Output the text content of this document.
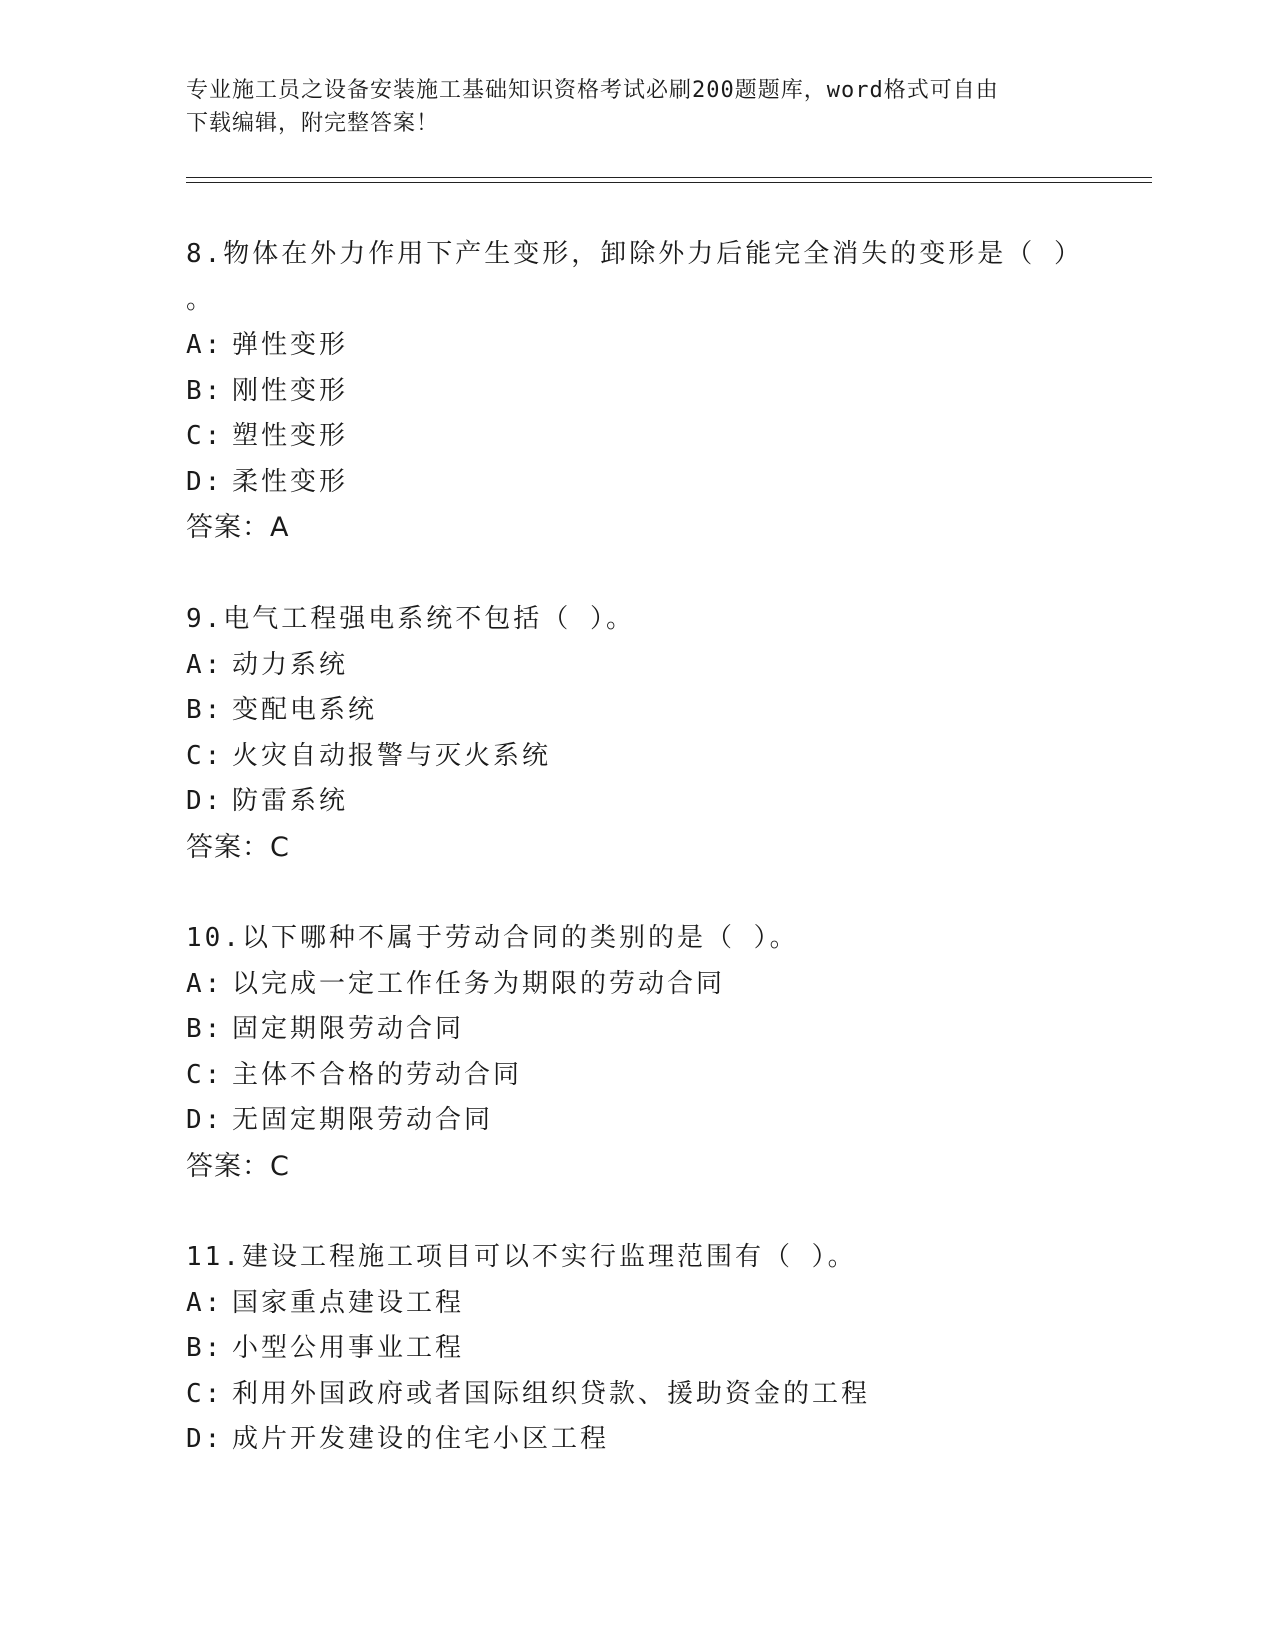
专业施工员之设备安装施工基础知识资格考试必刷200题题库，word格式可自由
下载编辑，附完整答案！
8.物体在外力作用下产生变形，卸除外力后能完全消失的变形是（ ）
。
A: 弹性变形
B: 刚性变形
C: 塑性变形
D: 柔性变形
答案：A
9.电气工程强电系统不包括（ ）。
A: 动力系统
B: 变配电系统
C: 火灾自动报警与灭火系统
D: 防雷系统
答案：C
10.以下哪种不属于劳动合同的类别的是（ ）。
A: 以完成一定工作任务为期限的劳动合同
B: 固定期限劳动合同
C: 主体不合格的劳动合同
D: 无固定期限劳动合同
答案：C
11.建设工程施工项目可以不实行监理范围有（ ）。
A: 国家重点建设工程
B: 小型公用事业工程
C: 利用外国政府或者国际组织贷款、援助资金的工程
D: 成片开发建设的住宅小区工程
